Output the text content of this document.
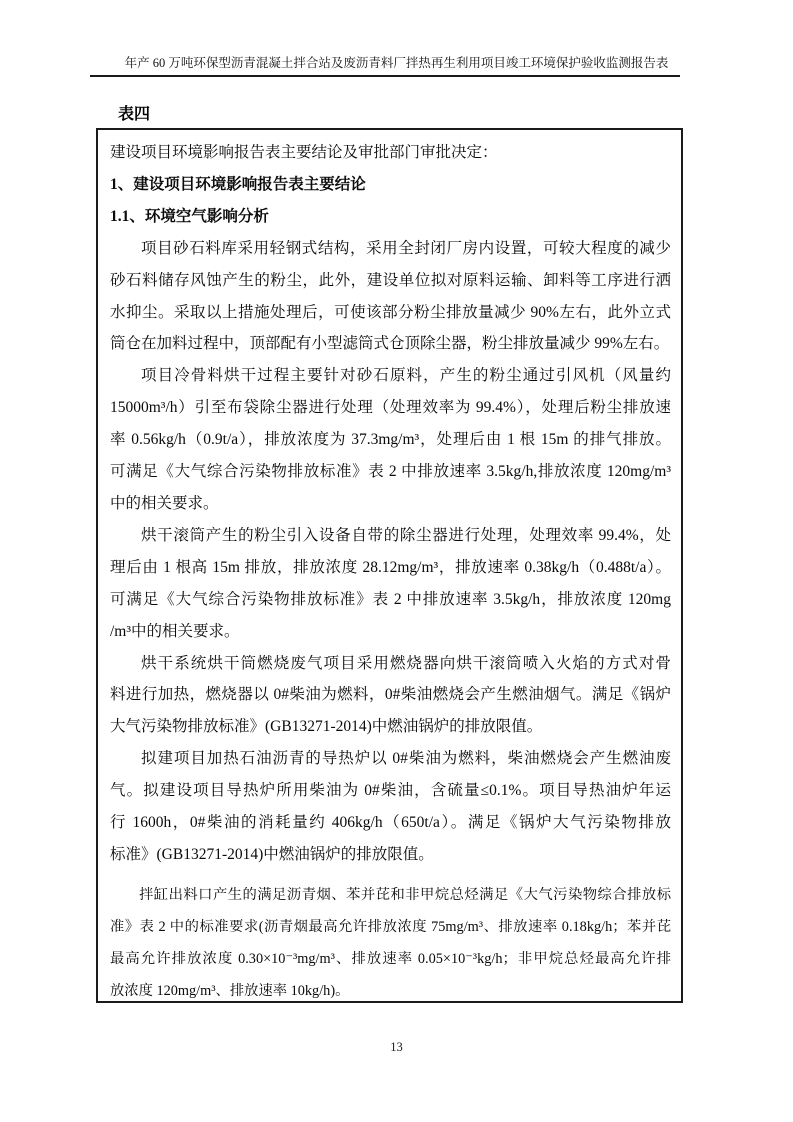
年产 60 万吨环保型沥青混凝土拌合站及废沥青料厂拌热再生利用项目竣工环境保护验收监测报告表
表四
建设项目环境影响报告表主要结论及审批部门审批决定：
1、建设项目环境影响报告表主要结论
1.1、环境空气影响分析
项目砂石料库采用轻钢式结构，采用全封闭厂房内设置，可较大程度的减少
砂石料储存风蚀产生的粉尘，此外，建设单位拟对原料运输、卸料等工序进行洒
水抑尘。采取以上措施处理后，可使该部分粉尘排放量减少 90%左右，此外立式
筒仓在加料过程中，顶部配有小型滤筒式仓顶除尘器，粉尘排放量减少 99%左右。
项目冷骨料烘干过程主要针对砂石原料，产生的粉尘通过引风机（风量约
15000m³/h）引至布袋除尘器进行处理（处理效率为 99.4%），处理后粉尘排放速
率 0.56kg/h（0.9t/a），排放浓度为 37.3mg/m³，处理后由 1 根 15m 的排气排放。
可满足《大气综合污染物排放标准》表 2 中排放速率 3.5kg/h,排放浓度 120mg/m³
中的相关要求。
烘干滚筒产生的粉尘引入设备自带的除尘器进行处理，处理效率 99.4%，处
理后由 1 根高 15m 排放，排放浓度 28.12mg/m³，排放速率 0.38kg/h（0.488t/a）。
可满足《大气综合污染物排放标准》表 2 中排放速率 3.5kg/h，排放浓度 120mg
/m³中的相关要求。
烘干系统烘干筒燃烧废气项目采用燃烧器向烘干滚筒喷入火焰的方式对骨
料进行加热，燃烧器以 0#柴油为燃料，0#柴油燃烧会产生燃油烟气。满足《锅炉
大气污染物排放标准》(GB13271-2014)中燃油锅炉的排放限值。
拟建项目加热石油沥青的导热炉以 0#柴油为燃料，柴油燃烧会产生燃油废
气。拟建设项目导热炉所用柴油为 0#柴油，含硫量≤0.1%。项目导热油炉年运
行 1600h，0#柴油的消耗量约 406kg/h（650t/a）。满足《锅炉大气污染物排放
标准》(GB13271-2014)中燃油锅炉的排放限值。
拌缸出料口产生的满足沥青烟、苯并芘和非甲烷总烃满足《大气污染物综合排放标
准》表 2 中的标准要求(沥青烟最高允许排放浓度 75mg/m³、排放速率 0.18kg/h；苯并芘
最高允许排放浓度 0.30×10⁻³mg/m³、排放速率 0.05×10⁻³kg/h；非甲烷总烃最高允许排
放浓度 120mg/m³、排放速率 10kg/h)。
13
